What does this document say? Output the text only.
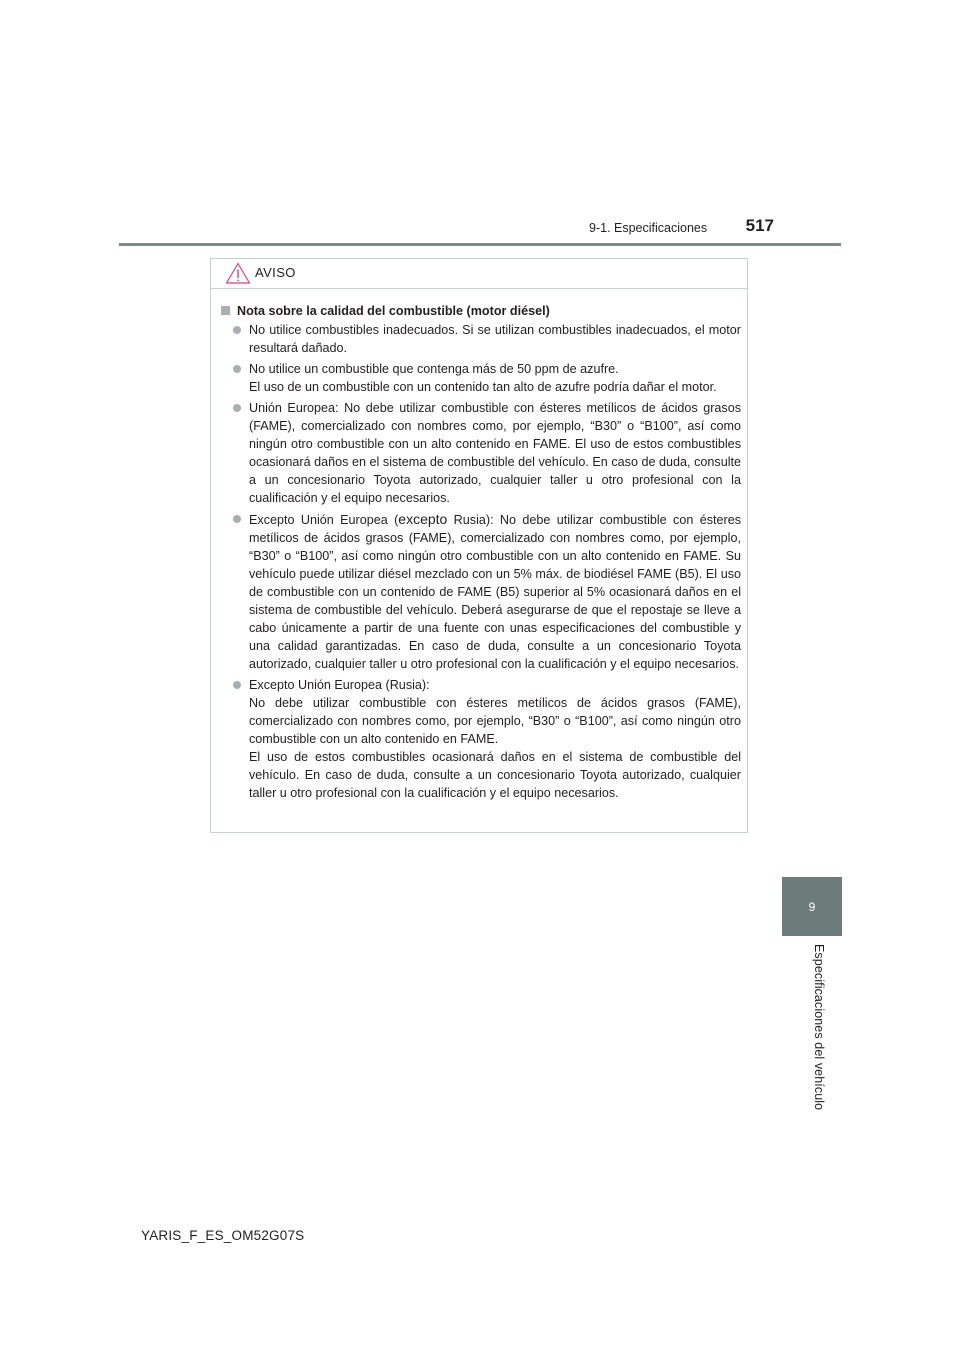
9-1. Especificaciones	517
9
Especificaciones del vehículo
AVISO
Nota sobre la calidad del combustible (motor diésel)
No utilice combustibles inadecuados. Si se utilizan combustibles inadecuados, el motor resultará dañado.

No utilice un combustible que contenga más de 50 ppm de azufre.

El uso de un combustible con un contenido tan alto de azufre podría dañar el motor.

Unión Europea: No debe utilizar combustible con ésteres metílicos de ácidos grasos (FAME), comercializado con nombres como, por ejemplo, “B30” o “B100”, así como ningún otro combustible con un alto contenido en FAME. El uso de estos combustibles ocasionará daños en el sistema de combustible del vehículo. En caso de duda, consulte a un concesionario Toyota autorizado, cualquier taller u otro profesional con la cualificación y el equipo necesarios.
Excepto Unión Europea (excepto Rusia): No debe utilizar combustible con ésteres metílicos de ácidos grasos (FAME), comercializado con nombres como, por ejemplo, “B30” o “B100”, así como ningún otro combustible con un alto contenido en FAME. Su vehículo puede utilizar diésel mezclado con un 5% máx. de biodiésel FAME (B5). El uso de combustible con un contenido de FAME (B5) superior al 5% ocasionará daños en el sistema de combustible del vehículo. Deberá asegurarse de que el repostaje se lleve a cabo únicamente a partir de una fuente con unas especificaciones del combustible y una calidad garantizadas. En caso de duda, consulte a un concesionario Toyota autorizado, cualquier taller u otro profesional con la cualificación y el equipo necesarios.

Excepto Unión Europea (Rusia):

No debe utilizar combustible con ésteres metílicos de ácidos grasos (FAME), comercializado con nombres como, por ejemplo, “B30” o “B100”, así como ningún otro combustible con un alto contenido en FAME.

El uso de estos combustibles ocasionará daños en el sistema de combustible del vehículo. En caso de duda, consulte a un concesionario Toyota autorizado, cualquier taller u otro profesional con la cualificación y el equipo necesarios.

YARIS_F_ES_OM52G07S
